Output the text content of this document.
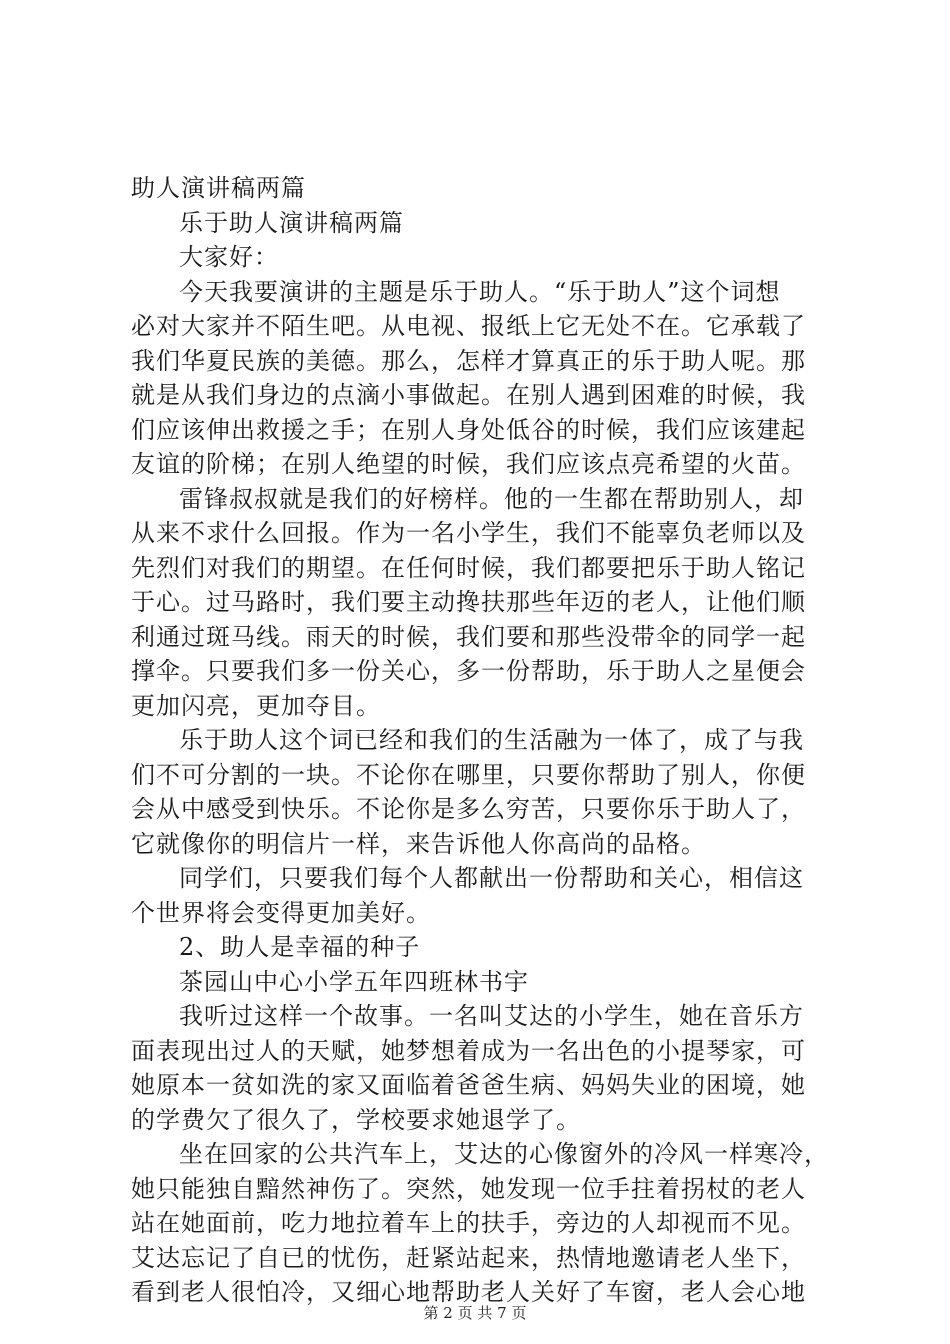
助人演讲稿两篇
乐于助人演讲稿两篇
大家好：
今天我要演讲的主题是乐于助人。“乐于助人”这个词想
必对大家并不陌生吧。从电视、报纸上它无处不在。它承载了
我们华夏民族的美德。那么，怎样才算真正的乐于助人呢。那
就是从我们身边的点滴小事做起。在别人遇到困难的时候，我
们应该伸出救援之手；在别人身处低谷的时候，我们应该建起
友谊的阶梯；在别人绝望的时候，我们应该点亮希望的火苗。
雷锋叔叔就是我们的好榜样。他的一生都在帮助别人，却
从来不求什么回报。作为一名小学生，我们不能辜负老师以及
先烈们对我们的期望。在任何时候，我们都要把乐于助人铭记
于心。过马路时，我们要主动搀扶那些年迈的老人，让他们顺
利通过斑马线。雨天的时候，我们要和那些没带伞的同学一起
撑伞。只要我们多一份关心，多一份帮助，乐于助人之星便会
更加闪亮，更加夺目。
乐于助人这个词已经和我们的生活融为一体了，成了与我
们不可分割的一块。不论你在哪里，只要你帮助了别人，你便
会从中感受到快乐。不论你是多么穷苦，只要你乐于助人了，
它就像你的明信片一样，来告诉他人你高尚的品格。
同学们，只要我们每个人都献出一份帮助和关心，相信这
个世界将会变得更加美好。
2、助人是幸福的种子
茶园山中心小学五年四班林书宇
我听过这样一个故事。一名叫艾达的小学生，她在音乐方
面表现出过人的天赋，她梦想着成为一名出色的小提琴家，可
她原本一贫如洗的家又面临着爸爸生病、妈妈失业的困境，她
的学费欠了很久了，学校要求她退学了。
坐在回家的公共汽车上，艾达的心像窗外的冷风一样寒冷，
她只能独自黯然神伤了。突然，她发现一位手拄着拐杖的老人
站在她面前，吃力地拉着车上的扶手，旁边的人却视而不见。
艾达忘记了自已的忧伤，赶紧站起来，热情地邀请老人坐下，
看到老人很怕冷，又细心地帮助老人关好了车窗，老人会心地
第 2 页 共 7 页
